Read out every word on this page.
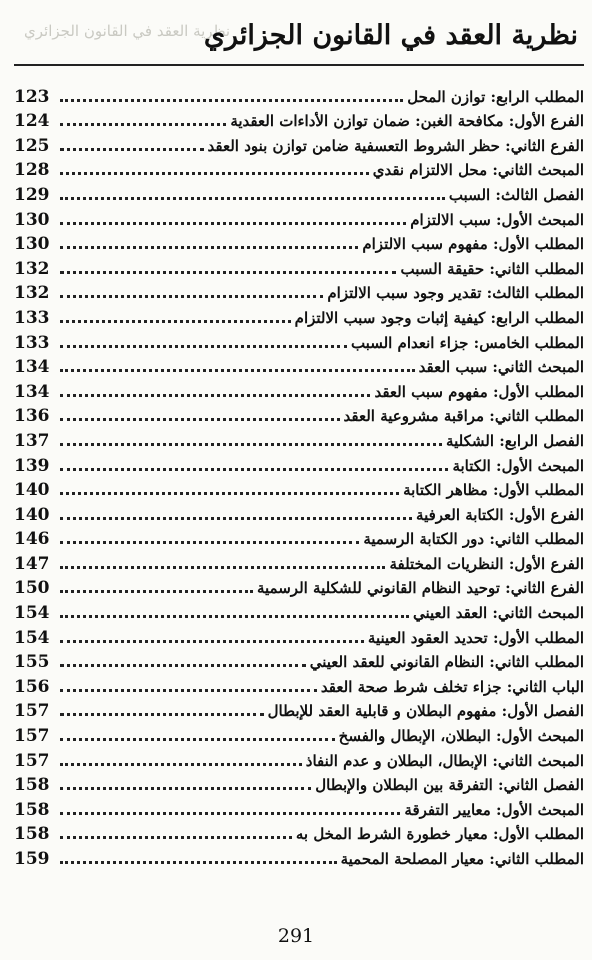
نظرية العقد في القانون الجزائري
نظرية العقد في القانون الجزائري
المطلب الرابع: توازن المحل
123
الفرع الأول: مكافحة الغبن: ضمان توازن الأداءات العقدية
124
الفرع الثاني: حظر الشروط التعسفية ضامن توازن بنود العقد
125
المبحث الثاني: محل الالتزام نقدي
128
الفصل الثالث: السبب
129
المبحث الأول: سبب الالتزام
130
المطلب الأول: مفهوم سبب الالتزام
130
المطلب الثاني: حقيقة السبب
132
المطلب الثالث: تقدير وجود سبب الالتزام
132
المطلب الرابع: كيفية إثبات وجود سبب الالتزام
133
المطلب الخامس: جزاء انعدام السبب
133
المبحث الثاني: سبب العقد
134
المطلب الأول: مفهوم سبب العقد
134
المطلب الثاني: مراقبة مشروعية العقد
136
الفصل الرابع: الشكلية
137
المبحث الأول: الكتابة
139
المطلب الأول: مظاهر الكتابة
140
الفرع الأول: الكتابة العرفية
140
المطلب الثاني: دور الكتابة الرسمية
146
الفرع الأول: النظريات المختلفة
147
الفرع الثاني: توحيد النظام القانوني للشكلية الرسمية
150
المبحث الثاني: العقد العيني
154
المطلب الأول: تحديد العقود العينية
154
المطلب الثاني: النظام القانوني للعقد العيني
155
الباب الثاني: جزاء تخلف شرط صحة العقد
156
الفصل الأول: مفهوم البطلان و قابلية العقد للإبطال
157
المبحث الأول: البطلان، الإبطال والفسخ
157
المبحث الثاني: الإبطال، البطلان و عدم النفاذ
157
الفصل الثاني: التفرقة بين البطلان والإبطال
158
المبحث الأول: معايير التفرقة
158
المطلب الأول: معيار خطورة الشرط المخل به
158
المطلب الثاني: معيار المصلحة المحمية
159
291
